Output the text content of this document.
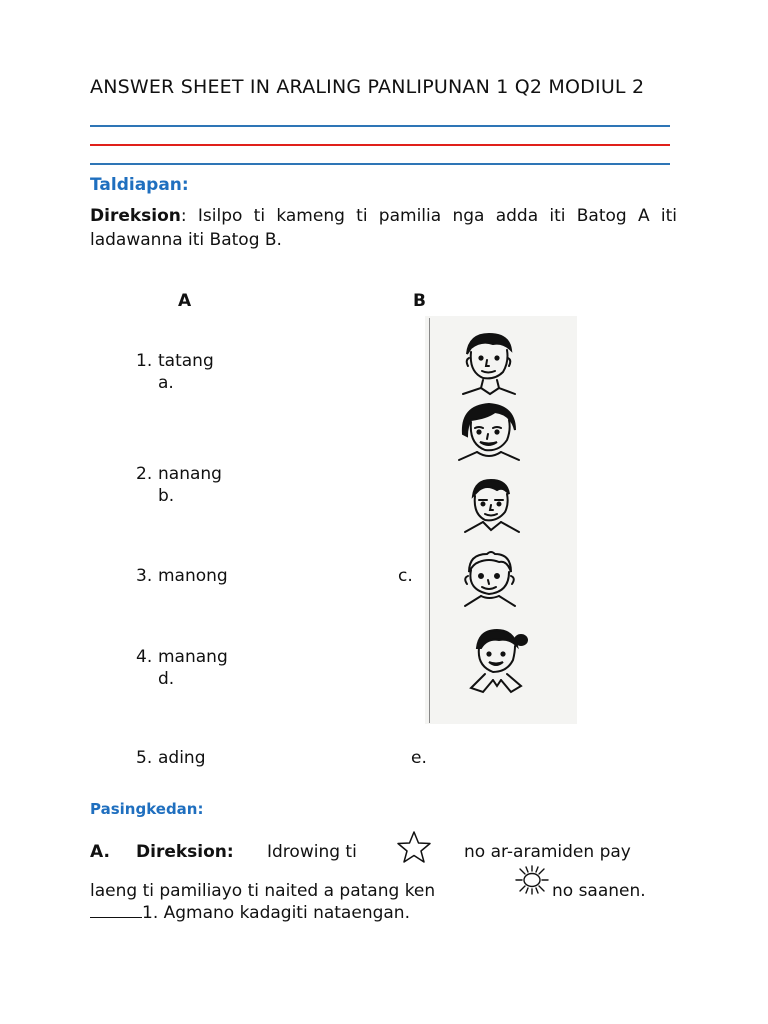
ANSWER SHEET IN ARALING PANLIPUNAN 1 Q2 MODIUL 2
Taldiapan:
Direksion: Isilpo ti kameng ti pamilia nga adda iti Batog A iti ladawanna iti Batog B.
A	B
1. tatang
a.
2. nanang
b.
3. manong	c.
4. manang
d.
5. ading	e.
Pasingkedan:
A. Direksion: Idrowing ti	no ar-aramiden pay
laeng ti pamiliayo ti naited a patang ken	no saanen.
1. Agmano kadagiti nataengan.
